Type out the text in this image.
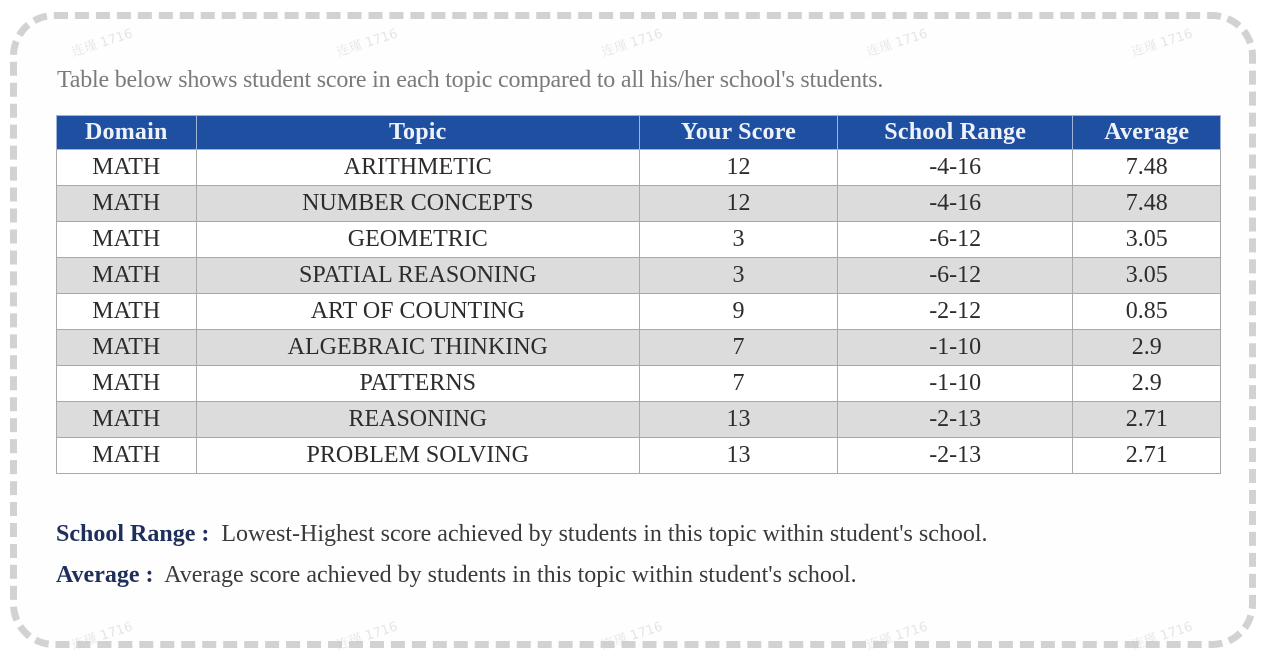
连瑾 1716	连瑾 1716	连瑾 1716	连瑾 1716	连瑾 1716
连瑾 1716	连瑾 1716	连瑾 1716	连瑾 1716	连瑾 1716
Table below shows student score in each topic compared to all his/her school's students.
Domain	Topic	Your Score	School Range	Average
MATH	ARITHMETIC	12	-4-16	7.48
MATH	NUMBER CONCEPTS	12	-4-16	7.48
MATH	GEOMETRIC	3	-6-12	3.05
MATH	SPATIAL REASONING	3	-6-12	3.05
MATH	ART OF COUNTING	9	-2-12	0.85
MATH	ALGEBRAIC THINKING	7	-1-10	2.9
MATH	PATTERNS	7	-1-10	2.9
MATH	REASONING	13	-2-13	2.71
MATH	PROBLEM SOLVING	13	-2-13	2.71
School Range : Lowest-Highest score achieved by students in this topic within student's school.
Average : Average score achieved by students in this topic within student's school.
